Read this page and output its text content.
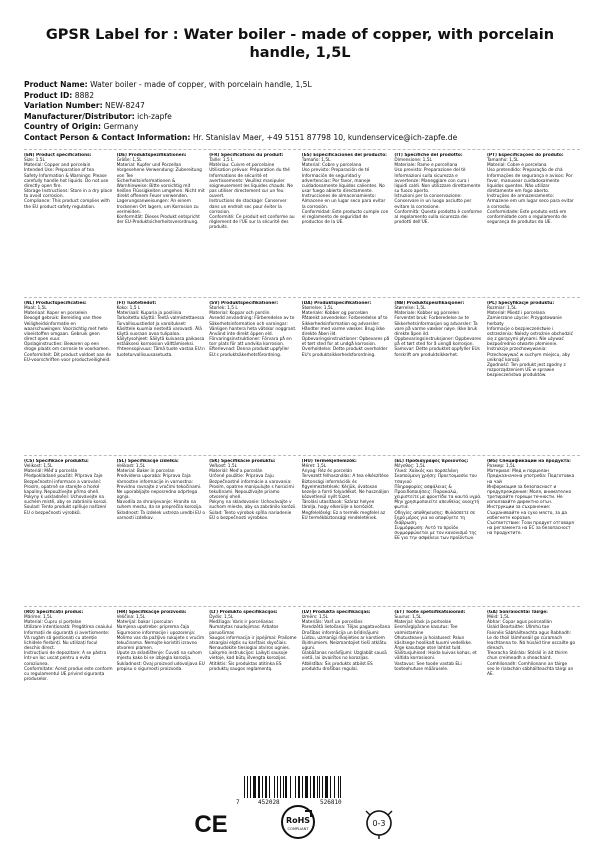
GPSR Label for : Water boiler - made of copper, with porcelain handle, 1,5L
Product Name: Water boiler - made of copper, with porcelain handle, 1,5L
Product ID: 8882
Variation Number: NEW-8247
Manufacturer/Distributor: ich-zapfe
Country of Origin: Germany
Contact Person & Contact Information: Hr. Stanislav Maer, +49 5151 87798 10, kundenservice@ich-zapfe.de

(EN) Product specifications:

Size: 1.5L

Material: Copper and porcelain

Intended Use: Preparation of tea

Safety Information & Warnings: Please carefully handle hot liquids. Do not use directly open fire.

Storage Instructions: Store in a dry place to avoid corrosion.

Compliance: This product complies with the EU product safety regulation.

(DE) Produktspezifikationen:

Größe: 1,5L

Material: Kupfer und Porzellan

Vorgesehene Verwendung: Zubereitung von Tee

Sicherheitsinformationen & Warnhinweise: Bitte vorsichtig mit heißen Flüssigkeiten umgehen. Nicht mit direkt offenem Feuer verwenden.

Lagerungsanweisungen: An einem trockenen Ort lagern, um Korrosion zu vermeiden.

Konformität: Dieses Produkt entspricht der EU-Produktsicherheitsverordnung.

(FR) Spécifications du produit:

Taille: 1,5 L

Matériau: Cuivre et porcelaine

Utilisation prévue: Préparation du thé

Informations de sécurité et avertissements: Veuillez manipuler soigneusement les liquides chauds. Ne pas utiliser directement sur un feu ouvert.

Instructions de stockage: Conserver dans un endroit sec pour éviter la corrosion.

Conformité: Ce produit est conforme au règlement de l'UE sur la sécurité des produits.

(ES) Especificaciones del producto:

Tamaño: 1,5L

Material: Cobre y porcelana

Uso previsto: Preparación de té

Información de seguridad y advertencias: Por favor, maneje cuidadosamente líquidos calientes. No usar fuego abierto directamente.

Instrucciones de almacenamiento: Almacene en un lugar seco para evitar la corrosión.

Conformidad: Este producto cumple con el reglamento de seguridad de productos de la UE.

(IT) Specifiche del prodotto:

Dimensione: 1,5L

Materiale: Rame e porcellana

Uso previsto: Preparazione del tè

Informazioni sulla sicurezza e avvertenze: Maneggiare con cura i liquidi caldi. Non utilizzare direttamente su fuoco aperto.

Istruzioni per la conservazione: Conservare in un luogo asciutto per evitare la corrosione.

Conformità: Questo prodotto è conforme al regolamento sulla sicurezza dei prodotti dell'UE.

(PT) Especificações do produto:

Tamanho: 1,5L

Material: Cobre e porcelana

Uso pretendido: Preparação de chá

Informações de segurança e avisos: Por favor, manusear cuidadosamente líquidos quentes. Não utilizar diretamente em fogo aberto.

Instruções de armazenamento: Armazene em um lugar seco para evitar a corrosão.

Conformidade: Este produto está em conformidade com o regulamento de segurança de produtos da UE.

(NL) Productspecificaties:

Maat: 1,5L

Materiaal: Koper en porselein

Beoogd gebruik: Bereiding van thee

Veiligheidsinformatie en waarschuwingen: Voorzichtig met hete vloeistoffen omgaan. Gebruik geen direct open vuur.

Opslaginstructies: Bewaren op een droge plaats om corrosie te voorkomen.

Conformiteit: Dit product voldoet aan de EU-voorschriften voor productveiligheid.

(FI) Tuotetiedot:

Koko: 1,5 L

Materiaali: Kuparia ja posliinia

Tarkoitettu käyttö: Teetä valmistettaessa

Turvallisuustiedot ja varoitukset: Käsittele kuumia nesteitä varovasti. Älä käytä suoraan avoa tulipaloa.

Säilytysohjeet: Säilytä kuivassa paikassa estääksesi korroosion välttämiseksi.

Yhteensopivuus: Tämä tuote vastaa EU:n tuoteturvallisuusasetusta.

(SV) Produktspecifikationer:

Storlek: 1,5 L

Material: Koppar och porslin

Avsedd användning: Förberedelse av te

Säkerhetsinformation och varningar: Vänligen hantera heta vätskor noggrant. Använd inte direkt öppen eld.

Förvaringsinstruktioner: Förvara på en torr plats för att undvika korrosion.

Efterlevnad: Denna produkt uppfyller EU:s produktsäkerhetsförordning.

(DA) Produktspecifikationer:

Størrelse: 1,5L

Materiale: Kobber og porcelæn

Påtænkt anvendelse: Forberedelse af te

Sikkerhedsinformation og advarsler: Håndter med varme væsker. Brug ikke direkte åben ild.

Opbevaringsinstruktioner: Opbevares på et tørt sted for at undgå korrosion.

Overholdelse: Dette produkt overholder EU's produktsikkerhedsforordning.

(NB) Produktspesifikasjoner:

Størrelse: 1,5L

Materiale: Kobber og porselen

Forventet bruk: Forberedelse av te

Sikkerhetsinformasjon og advarsler: Ta vare på varme væsker nøye. Ikke bruk direkte åpen ild.

Oppbevaringsinstruksjoner: Oppbevares på et tørt sted for å unngå korrosjon.

Samsvar: Dette produktet oppfyller EUs forskrift om produktsikkerhet.

(PL) Specyfikacje produktu:

Rozmiar: 1,5L

Materiał: Miedź i porcelana

Zamierzone użycie: Przygotowanie herbaty

Informacje o bezpieczeństwie i ostrzeżenia: Należy ostrożnie obchodzić się z gorącymi płynami. Nie używać bezpośrednio otwarte płomienie.

Instrukcje przechowywania: Przechowywać w suchym miejscu, aby uniknąć korozji.

Zgodność: Ten produkt jest zgodny z rozporządzeniem UE w sprawie bezpieczeństwa produktów.

(CS) Specifikace produktu:

Velikost: 1,5L

Materiál: Měď a porcelán

Předpokládané použití: Příprava čaje

Bezpečnostní informace a varování: Prosím, opatrně se starejte o horké kapaliny. Nepoužívejte přímo oheň.

Pokyny k uskladnění: Uchovávejte na suchém místě, aby se zabránilo korozi.

Soulad: Tento produkt splňuje nařízení EU o bezpečnosti výrobků.

(SL) Specifikacije izdelka:

Velikost: 1,5L

Material: Baker in porcelan

Predvidena uporaba: Priprava čaja

Varnostne informacije in varnostna: Previdno ravnajte z vročimi tekočinami. Ne uporabljajte neposredno odprtega ognja.

Navodila za shranjevanje: Hranite na suhem mestu, da se preprečila korozija.

Skladnost: Ta izdelek ustreza uredbi EU o varnosti izdelkov.

(SK) Špecifikácie produktu:

Veľkosť: 1,5L

Materiál: Meď a porcelán

Určené použitie: Príprava čaju

Bezpečnostné informácie a varovania: Prosím, opatrne manipulujte s horúcimi tekutinami. Nepoužívajte priamo otvorený oheň.

Pokyny na skladovanie: Uchovávajte v suchom mieste, aby sa zabránilo korózii.

Súlad: Tento výrobok spĺňa nariadenie EÚ o bezpečnosti výrobkov.

(HU) Termékjellemzők:

Méret: 1,5L

Anyag: Réz és porcelán

Tervezett felhasználás: A tea elkészítése

Biztonsági információk és figyelmeztetések: Kérjük, óvatosan kezelje a forró folyadékot. Ne használjon közvetlenül nyílt tüzet.

Tárolási utasítások: Száraz helyen tárolja, hogy elkerülje a korróziót.

Megfelelőség: Ez a termék megfelel az EU termékbiztonsági rendeletének.

(EL) Προδιαγραφές προϊόντος:

Μέγεθος: 1,5L

Υλικό: Χαλκός και πορσελάνη

Σκοπούμενη χρήση: Προετοιμασία του τσαγιού

Πληροφορίες ασφάλειας & Προειδοποιήσεις: Παρακαλώ, χειριστείτε με φροντίδα τα καυτά υγρά. Μην χρησιμοποιείτε απευθείας ανοιχτή φωτιά.

Οδηγίες αποθήκευσης: Φυλάσσετε σε ξηρό μέρος για να αποφύγετε τη διάβρωση.

Συμμόρφωση: Αυτό το προϊόν συμμορφώνεται με τον κανονισμό της ΕΕ για την ασφάλεια των προϊόντων.

(BG) Спецификации на продукта:

Размер: 1,5L

Материал: Мед и порцелан

Предназначена употреба: Подготовка на чай

Информация за безопасност и предупреждения: Моля, внимателно третирайте горещи течности. Не използвайте директно огън.

Инструкции за съхранение: Съхранявайте на сухо място, за да избегнете корозия.

Съответствие: Този продукт отговаря на регламента на ЕС за безопасност на продуктите.

(RO) Specificații produs:

Mărime: 1,5L

Material: Cupru și porțelan

Utilizare intenționată: Pregătirea ceaiului

Informații de siguranță și avertismente: Vă rugăm să gestionați cu atenție lichidele fierbinți. Nu utilizați focul deschis direct.

Instrucțiuni de depozitare: A se păstra într-un loc uscat pentru a evita coroziunea.

Conformitate: Acest produs este conform cu regulamentul UE privind siguranța produselor.

(HR) Specifikacije proizvoda:

Veličina: 1,5L

Materijal: bakar i porculan

Namjena upotrebe: priprema čaja

Sigurnosne informacije i upozorenja: Molimo vas da pažljivo rukujete s vrućim tekućinama. Nemojte koristiti izravno otvoreni plamen.

Upute za skladištenje: Čuvati na suhom mjestu kako bi se izbjegla korozija.

Sukladnost: Ovaj proizvod udovoljava EU propisu o sigurnosti proizvoda.

(LT) Produkto specifikacijos:

Dydis: 1,5L

Medžiaga: Varis ir porcelianas

Numatytas naudojimas: Arbatos paruošimas

Saugos informacija ir įspėjimai: Prašome atsargiai elgtis su karštais skysčiais. Nenaudokite tiesiogiai atviros ugnies.

Laikymo instrukcijos: Laikyti sausoje vietoje, kad būtų išvengta korozijos.

Atitiktis: Šis produktas atitinka ES produktų saugos reglamentą.

(LV) Produkta specifikācijas:

Izmērs: 1,5L

Materiāls: Varš un porcelāns

Paredzētā lietošana: Tējas pagatavošana

Drošības informācija un brīdinājumi: Lūdzu, uzmanīgi rīkojieties ar karstiem šķidrumiem. Neizmantojiet tieši atklātu uguni.

Glabāšanas norādījumi: Uzglabāt sausā vietā, lai izvairītos no korozijas.

Atbilstība: Šis produkts atbilst ES produktu drošības regulai.

(ET) Toote spetsifikatsioonid:

Suurus: 1,5L

Materjal: Vask ja portselan

Eesmärgipärane kasutus: Tee valmistamine

Ohutusteave ja hoiatused: Palun käsitsege hoolikalt kuumi vedelikke. Ärge kasutage otse lahtist tuld.

Säilitusjuhised: Hoida kuivas kohas, et vältida korrosiooni.

Vastavus: See toode vastab ELi tooteohutuse määrusele.

(GA) Sonraíochtaí Táirge:

Méid: 1,5L

Ábhar: Copar agus poirceallán

Úsáid Beartaithe: Ullmhú tae

Faisnéis Sábháilteachta agus Rabhadh: Le do thoil láimhseáil go cúramach leachtanna te. Ná húsáid tine oscailte go díreach.

Treoracha Stórála: Stóráil in áit thirim chun creimeadh a sheachaint.

Comhlíonadh: Comhlíonann an táirge seo le rialachán sábháilteachta táirgí an AE.

7	452028	526810
CE	RoHS
COMPLIANT
0-3
